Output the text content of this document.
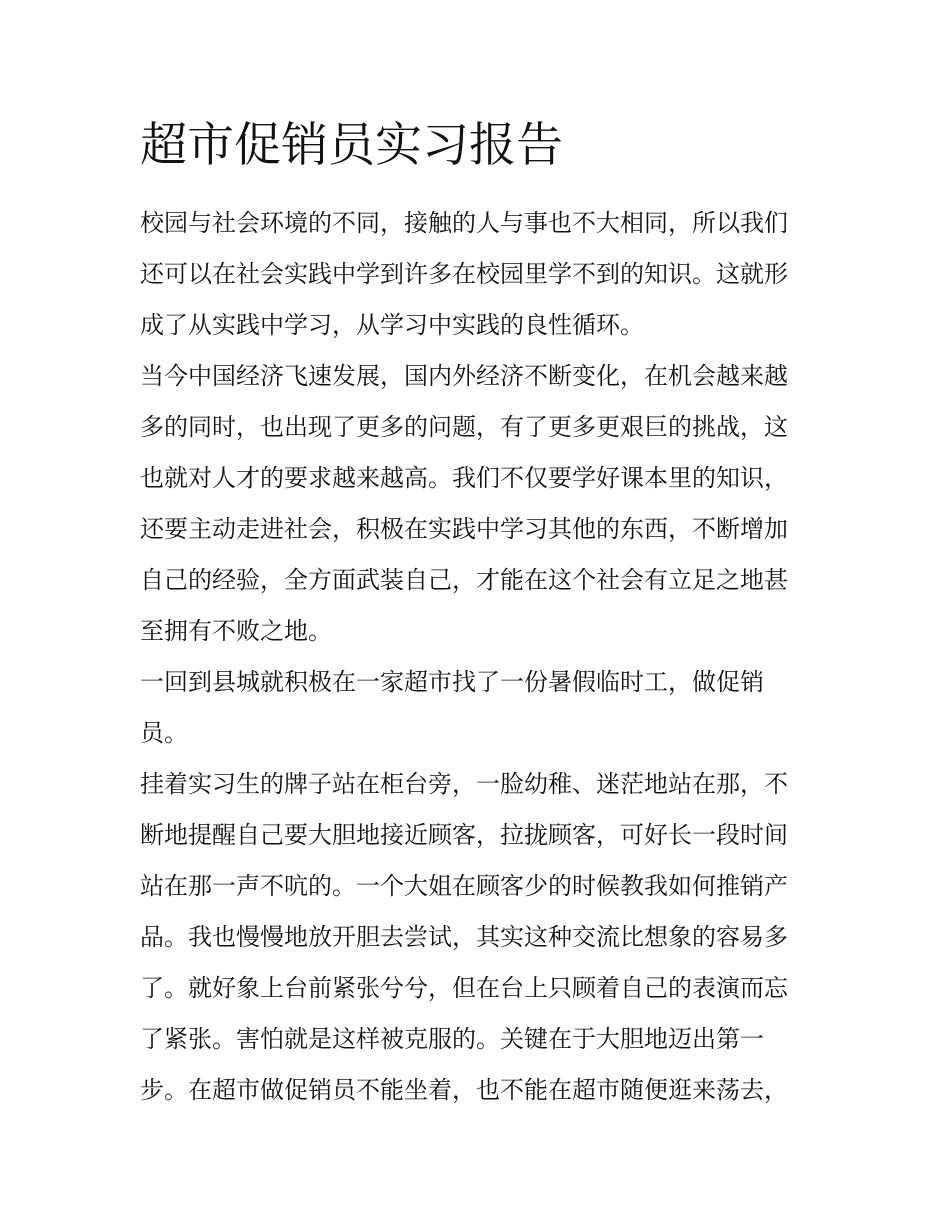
超市促销员实习报告
校园与社会环境的不同，接触的人与事也不大相同，所以我们
还可以在社会实践中学到许多在校园里学不到的知识。这就形
成了从实践中学习，从学习中实践的良性循环。
当今中国经济飞速发展，国内外经济不断变化，在机会越来越
多的同时，也出现了更多的问题，有了更多更艰巨的挑战，这
也就对人才的要求越来越高。我们不仅要学好课本里的知识，
还要主动走进社会，积极在实践中学习其他的东西，不断增加
自己的经验，全方面武装自己，才能在这个社会有立足之地甚
至拥有不败之地。
一回到县城就积极在一家超市找了一份暑假临时工，做促销
员。
挂着实习生的牌子站在柜台旁，一脸幼稚、迷茫地站在那，不
断地提醒自己要大胆地接近顾客，拉拢顾客，可好长一段时间
站在那一声不吭的。一个大姐在顾客少的时候教我如何推销产
品。我也慢慢地放开胆去尝试，其实这种交流比想象的容易多
了。就好象上台前紧张兮兮，但在台上只顾着自己的表演而忘
了紧张。害怕就是这样被克服的。关键在于大胆地迈出第一
步。在超市做促销员不能坐着，也不能在超市随便逛来荡去，
